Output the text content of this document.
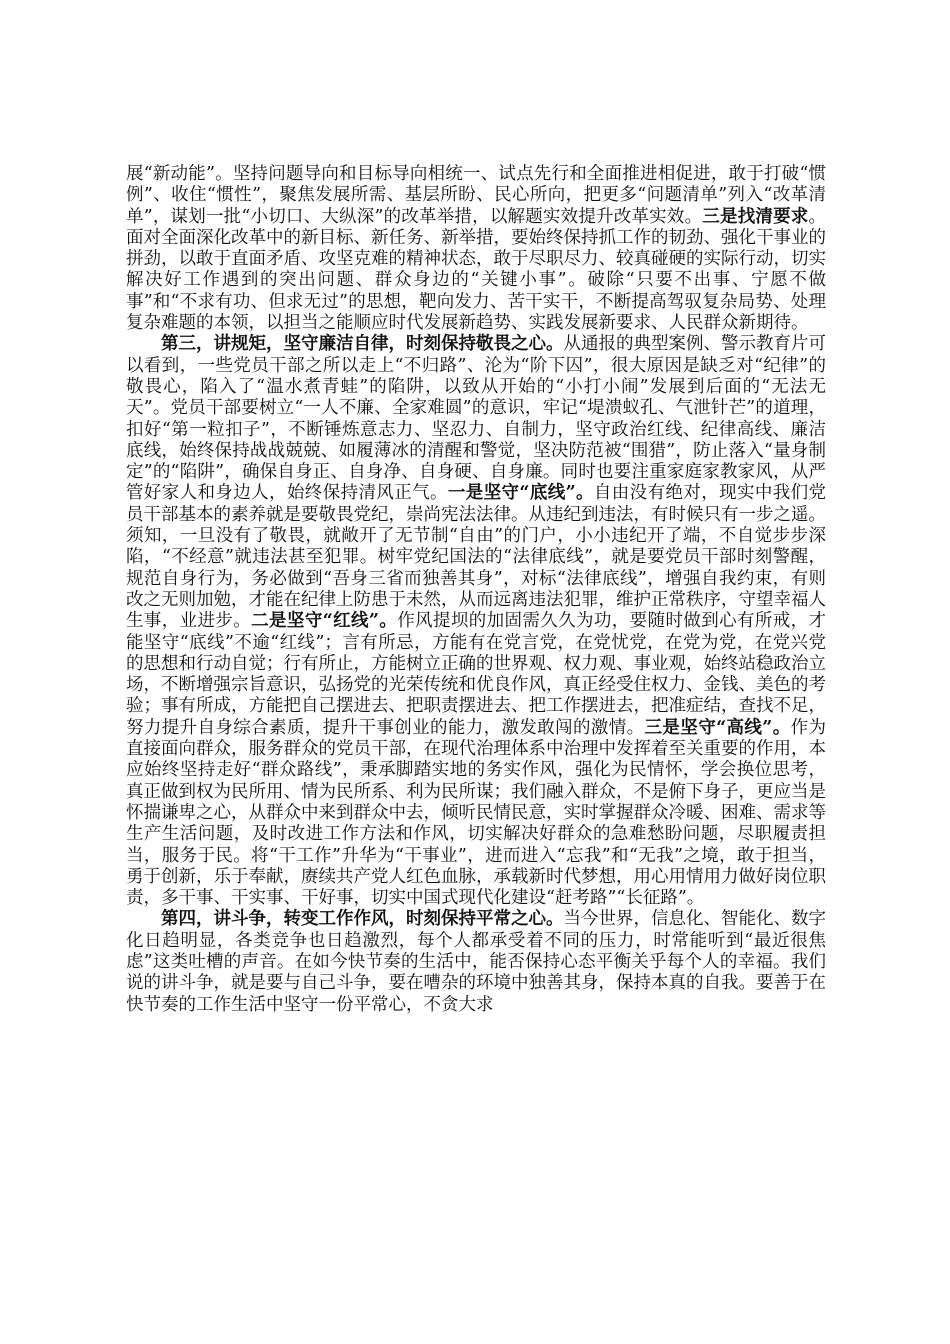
展“新动能”。坚持问题导向和目标导向相统一、试点先行和全面推进相促进，敢于打破“惯例”、收住“惯性”，聚焦发展所需、基层所盼、民心所向，把更多“问题清单”列入“改革清单”，谋划一批“小切口、大纵深”的改革举措，以解题实效提升改革实效。三是找清要求。面对全面深化改革中的新目标、新任务、新举措，要始终保持抓工作的韧劲、强化干事业的拼劲，以敢于直面矛盾、攻坚克难的精神状态，敢于尽职尽力、较真碰硬的实际行动，切实解决好工作遇到的突出问题、群众身边的“关键小事”。破除“只要不出事、宁愿不做事”和“不求有功、但求无过”的思想，靶向发力、苦干实干，不断提高驾驭复杂局势、处理复杂难题的本领，以担当之能顺应时代发展新趋势、实践发展新要求、人民群众新期待。

第三，讲规矩，坚守廉洁自律，时刻保持敬畏之心。从通报的典型案例、警示教育片可以看到，一些党员干部之所以走上“不归路”、沦为“阶下囚”，很大原因是缺乏对“纪律”的敬畏心，陷入了“温水煮青蛙”的陷阱，以致从开始的“小打小闹”发展到后面的“无法无天”。党员干部要树立“一人不廉、全家难圆”的意识，牢记“堤溃蚁孔、气泄针芒”的道理，扣好“第一粒扣子”，不断锤炼意志力、坚忍力、自制力，坚守政治红线、纪律高线、廉洁底线，始终保持战战兢兢、如履薄冰的清醒和警觉，坚决防范被“围猎”，防止落入“量身制定”的“陷阱”，确保自身正、自身净、自身硬、自身廉。同时也要注重家庭家教家风，从严管好家人和身边人，始终保持清风正气。一是坚守“底线”。自由没有绝对，现实中我们党员干部基本的素养就是要敬畏党纪，崇尚宪法法律。从违纪到违法，有时候只有一步之遥。须知，一旦没有了敬畏，就敞开了无节制“自由”的门户，小小违纪开了端，不自觉步步深陷，“不经意”就违法甚至犯罪。树牢党纪国法的“法律底线”，就是要党员干部时刻警醒，规范自身行为，务必做到“吾身三省而独善其身”，对标“法律底线”，增强自我约束，有则改之无则加勉，才能在纪律上防患于未然，从而远离违法犯罪，维护正常秩序，守望幸福人生事，业进步。二是坚守“红线”。作风提坝的加固需久久为功，要随时做到心有所戒，才能坚守“底线”不逾“红线”；言有所忌，方能有在党言党，在党忧党，在党为党，在党兴党的思想和行动自觉；行有所止，方能树立正确的世界观、权力观、事业观，始终站稳政治立场，不断增强宗旨意识，弘扬党的光荣传统和优良作风，真正经受住权力、金钱、美色的考验；事有所成，方能把自己摆进去、把职责摆进去、把工作摆进去，把准症结，查找不足，努力提升自身综合素质，提升干事创业的能力，激发敢闯的激情。三是坚守“高线”。作为直接面向群众，服务群众的党员干部，在现代治理体系中治理中发挥着至关重要的作用，本应始终坚持走好“群众路线”，秉承脚踏实地的务实作风，强化为民情怀，学会换位思考，真正做到权为民所用、情为民所系、利为民所谋；我们融入群众，不是俯下身子，更应当是怀揣谦卑之心，从群众中来到群众中去，倾听民情民意，实时掌握群众冷暖、困难、需求等生产生活问题，及时改进工作方法和作风，切实解决好群众的急难愁盼问题，尽职履责担当，服务于民。将“干工作”升华为“干事业”，进而进入“忘我”和“无我”之境，敢于担当，勇于创新，乐于奉献，赓续共产党人红色血脉，承载新时代梦想，用心用情用力做好岗位职责，多干事、干实事、干好事，切实中国式现代化建设“赶考路”“长征路”。

第四，讲斗争，转变工作作风，时刻保持平常之心。当今世界，信息化、智能化、数字化日趋明显，各类竞争也日趋激烈，每个人都承受着不同的压力，时常能听到“最近很焦虑”这类吐槽的声音。在如今快节奏的生活中，能否保持心态平衡关乎每个人的幸福。我们说的讲斗争，就是要与自己斗争，要在嘈杂的环境中独善其身，保持本真的自我。要善于在快节奏的工作生活中坚守一份平常心，不贪大求
